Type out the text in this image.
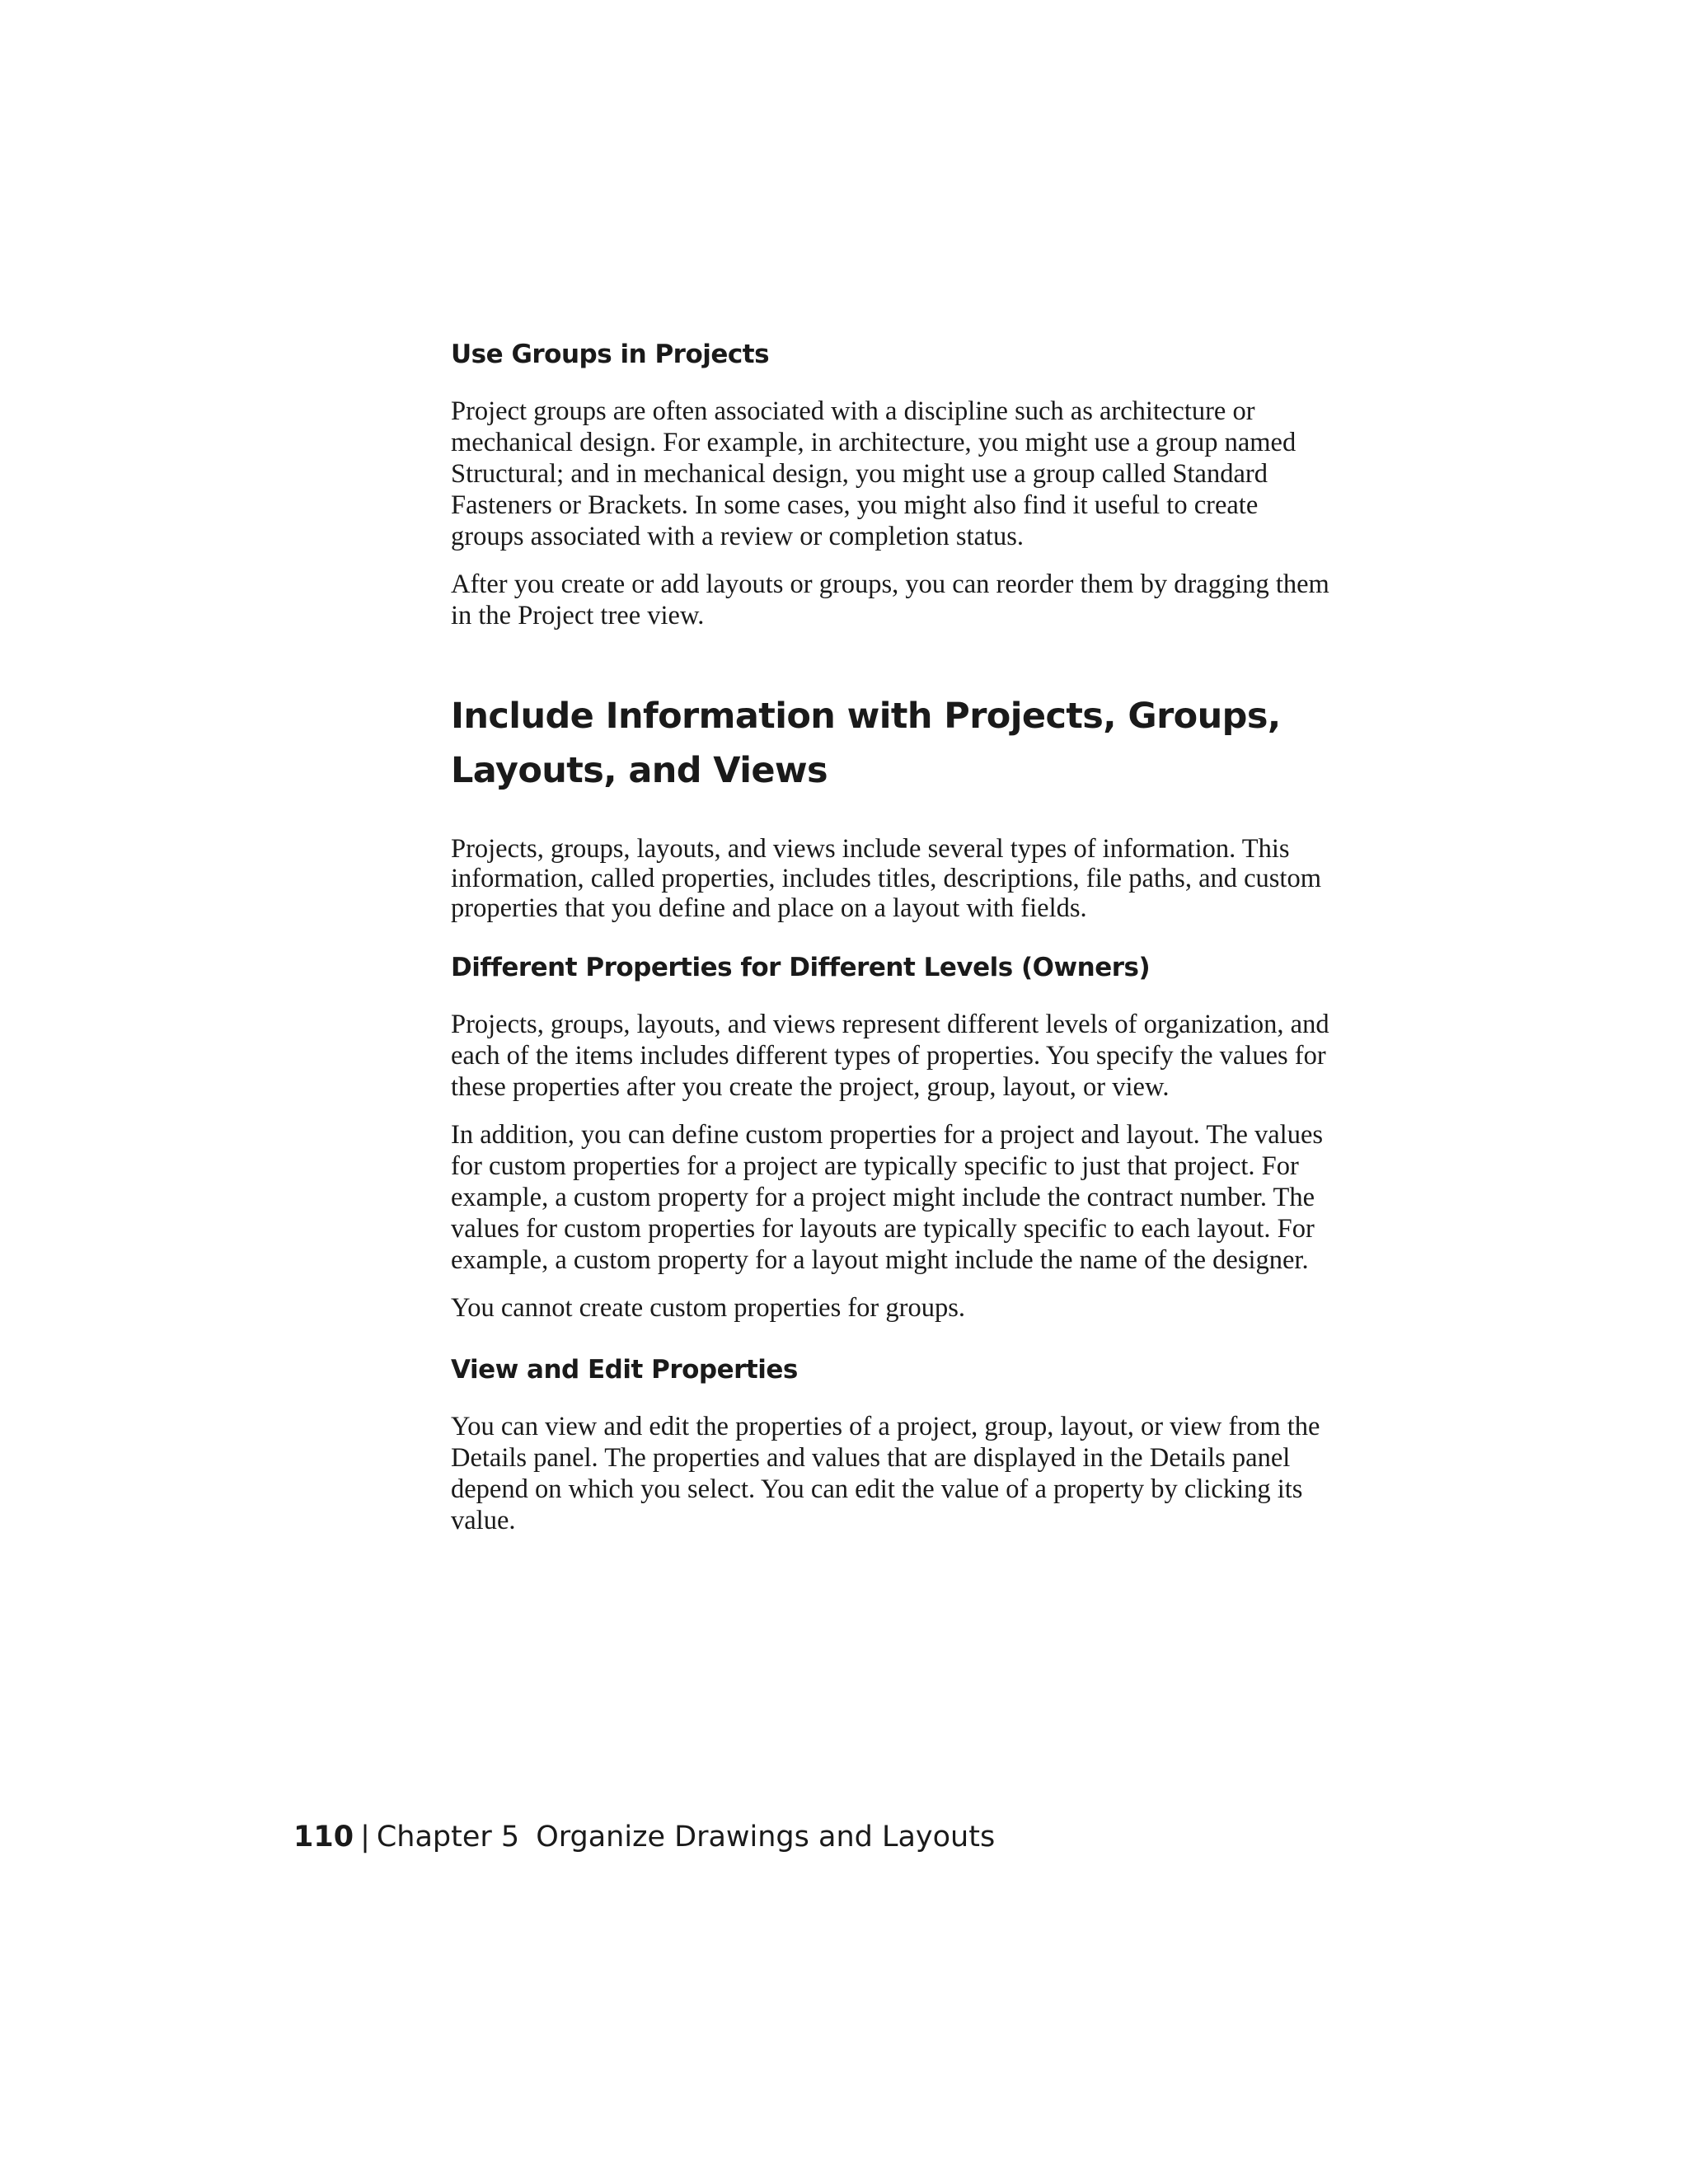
Use Groups in Projects

Project groups are often associated with a discipline such as architecture or mechanical design. For example, in architecture, you might use a group named Structural; and in mechanical design, you might use a group called Standard Fasteners or Brackets. In some cases, you might also find it useful to create groups associated with a review or completion status.

After you create or add layouts or groups, you can reorder them by dragging them in the Project tree view.

Include Information with Projects, Groups, Layouts, and Views

Projects, groups, layouts, and views include several types of information. This information, called properties, includes titles, descriptions, file paths, and custom properties that you define and place on a layout with fields.

Different Properties for Different Levels (Owners)

Projects, groups, layouts, and views represent different levels of organization, and each of the items includes different types of properties. You specify the values for these properties after you create the project, group, layout, or view.

In addition, you can define custom properties for a project and layout. The values for custom properties for a project are typically specific to just that project. For example, a custom property for a project might include the contract number. The values for custom properties for layouts are typically specific to each layout. For example, a custom property for a layout might include the name of the designer.

You cannot create custom properties for groups.

View and Edit Properties

You can view and edit the properties of a project, group, layout, or view from the Details panel. The properties and values that are displayed in the Details panel depend on which you select. You can edit the value of a property by clicking its value.

110 | Chapter 5 Organize Drawings and Layouts
